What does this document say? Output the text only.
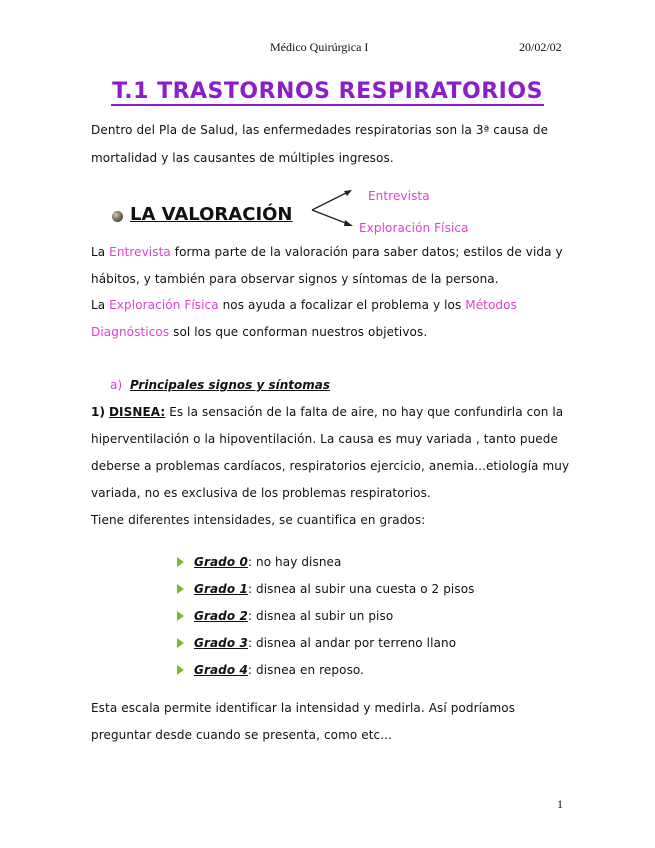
Médico Quirúrgica I	20/02/02
T.1 TRASTORNOS RESPIRATORIOS
Dentro del Pla de Salud, las enfermedades respiratorias son la 3ª causa de
mortalidad y las causantes de múltiples ingresos.
LA VALORACIÓN
Entrevista
Exploración Física
La Entrevista forma parte de la valoración para saber datos; estilos de vida y
hábitos, y también para observar signos y síntomas de la persona.
La Exploración Física nos ayuda a focalizar el problema y los Métodos
Diagnósticos sol los que conforman nuestros objetivos.
a) Principales signos y síntomas
1) DISNEA: Es la sensación de la falta de aire, no hay que confundirla con la
hiperventilación o la hipoventilación. La causa es muy variada , tanto puede
deberse a problemas cardíacos, respiratorios ejercicio, anemia...etiología muy
variada, no es exclusiva de los problemas respiratorios.
Tiene diferentes intensidades, se cuantifica en grados:
Grado 0: no hay disnea
Grado 1: disnea al subir una cuesta o 2 pisos
Grado 2: disnea al subir un piso
Grado 3: disnea al andar por terreno llano
Grado 4: disnea en reposo.
Esta escala permite identificar la intensidad y medirla. Así podríamos
preguntar desde cuando se presenta, como etc...
1
